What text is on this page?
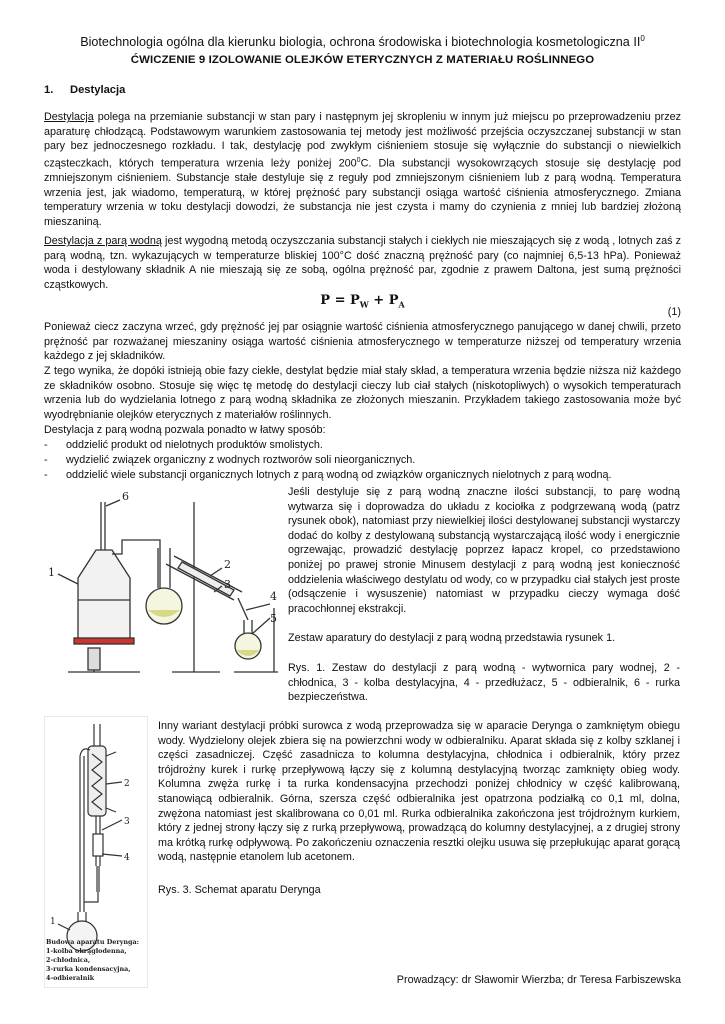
Biotechnologia ogólna dla kierunku biologia, ochrona środowiska i biotechnologia kosmetologiczna $II^0$
ĆWICZENIE 9 IZOLOWANIE OLEJKÓW ETERYCZNYCH Z MATERIAŁU ROŚLINNEGO
1. Destylacja
Destylacja polega na przemianie substancji w stan pary i następnym jej skropleniu w innym już miejscu po przeprowadzeniu przez aparaturę chłodzącą. Podstawowym warunkiem zastosowania tej metody jest możliwość przejścia oczyszczanej substancji w stan pary bez jednoczesnego rozkładu. I tak, destylację pod zwykłym ciśnieniem stosuje się wyłącznie do substancji o niewielkich cząsteczkach, których temperatura wrzenia leży poniżej $200^0C$. Dla substancji wysokowrzących stosuje się destylację pod zmniejszonym ciśnieniem. Substancje stałe destyluje się z reguły pod zmniejszonym ciśnieniem lub z parą wodną. Temperatura wrzenia jest, jak wiadomo, temperaturą, w której prężność pary substancji osiąga wartość ciśnienia atmosferycznego. Zmiana temperatury wrzenia w toku destylacji dowodzi, że substancja nie jest czysta i mamy do czynienia z mniej lub bardziej złożoną mieszaniną.
Destylacja z parą wodną jest wygodną metodą oczyszczania substancji stałych i ciekłych nie mieszających się z wodą , lotnych zaś z parą wodną, tzn. wykazujących w temperaturze bliskiej 100°C dość znaczną prężność pary (co najmniej 6,5-13 hPa). Ponieważ woda i destylowany składnik A nie mieszają się ze sobą, ogólna prężność par, zgodnie z prawem Daltona, jest sumą prężności cząstkowych.
$P = P_W + P_A$
(1)
Ponieważ ciecz zaczyna wrzeć, gdy prężność jej par osiągnie wartość ciśnienia atmosferycznego panującego w danej chwili, przeto prężność par rozważanej mieszaniny osiąga wartość ciśnienia atmosferycznego w temperaturze niższej od temperatury wrzenia każdego z jej składników.
Z tego wynika, że dopóki istnieją obie fazy ciekłe, destylat będzie miał stały skład, a temperatura wrzenia będzie niższa niż każdego ze składników osobno. Stosuje się więc tę metodę do destylacji cieczy lub ciał stałych (niskotopliwych) o wysokich temperaturach wrzenia lub do wydzielania lotnego z parą wodną składnika ze złożonych mieszanin. Przykładem takiego zastosowania może być wyodrębnianie olejków eterycznych z materiałów roślinnych.
Destylacja z parą wodną pozwala ponadto w łatwy sposób:
- oddzielić produkt od nielotnych produktów smolistych.
- wydzielić związek organiczny z wodnych roztworów soli nieorganicznych.
- oddzielić wiele substancji organicznych lotnych z parą wodną od związków organicznych nielotnych z parą wodną.
Jeśli destyluje się z parą wodną znaczne ilości substancji, to parę wodną wytwarza się i doprowadza do układu z kociołka z podgrzewaną wodą (patrz rysunek obok), natomiast przy niewielkiej ilości destylowanej substancji wystarczy dodać do kolby z destylowaną substancją wystarczającą ilość wody i energicznie ogrzewając, prowadzić destylację poprzez łapacz kropel, co przedstawiono poniżej po prawej stronie Minusem destylacji z parą wodną jest konieczność oddzielenia właściwego destylatu od wody, co w przypadku ciał stałych jest proste (odsączenie i wysuszenie) natomiast w przypadku cieczy wymaga dość pracochłonnej ekstrakcji.
Zestaw aparatury do destylacji z parą wodną przedstawia rysunek 1.
Rys. 1. Zestaw do destylacji z parą wodną - wytwornica pary wodnej, 2 - chłodnica, 3 - kolba destylacyjna, 4 - przedłużacz, 5 - odbieralnik, 6 - rurka bezpieczeństwa.
1
2
3
4
5
6
Inny wariant destylacji próbki surowca z wodą przeprowadza się w aparacie Derynga o zamkniętym obiegu wody. Wydzielony olejek zbiera się na powierzchni wody w odbieralniku. Aparat składa się z kolby szklanej i części zasadniczej. Część zasadnicza to kolumna destylacyjna, chłodnica i odbieralnik, który przez trójdrożny kurek i rurkę przepływową łączy się z kolumną destylacyjną tworząc zamknięty obieg wody. Kolumna zwęża rurkę i ta rurka kondensacyjna przechodzi poniżej chłodnicy w część kalibrowaną, stanowiącą odbieralnik. Górna, szersza część odbieralnika jest opatrzona podziałką co 0,1 ml, dolna, zwężona natomiast jest skalibrowana co 0,01 ml. Rurka odbieralnika zakończona jest trójdrożnym kurkiem, który z jednej strony łączy się z rurką przepływową, prowadzącą do kolumny destylacyjnej, a z drugiej strony ma krótką rurkę odpływową. Po zakończeniu oznaczenia resztki olejku usuwa się przepłukując aparat gorącą wodą, następnie etanolem lub acetonem.
Rys. 3. Schemat aparatu Derynga
2
3
4
1
Budowa aparatu Derynga:
1-kolba okrągłodenna,
2-chłodnica,
3-rurka kondensacyjna,
4-odbieralnik	Prowadzący: dr Sławomir Wierzba; dr Teresa Farbiszewska
